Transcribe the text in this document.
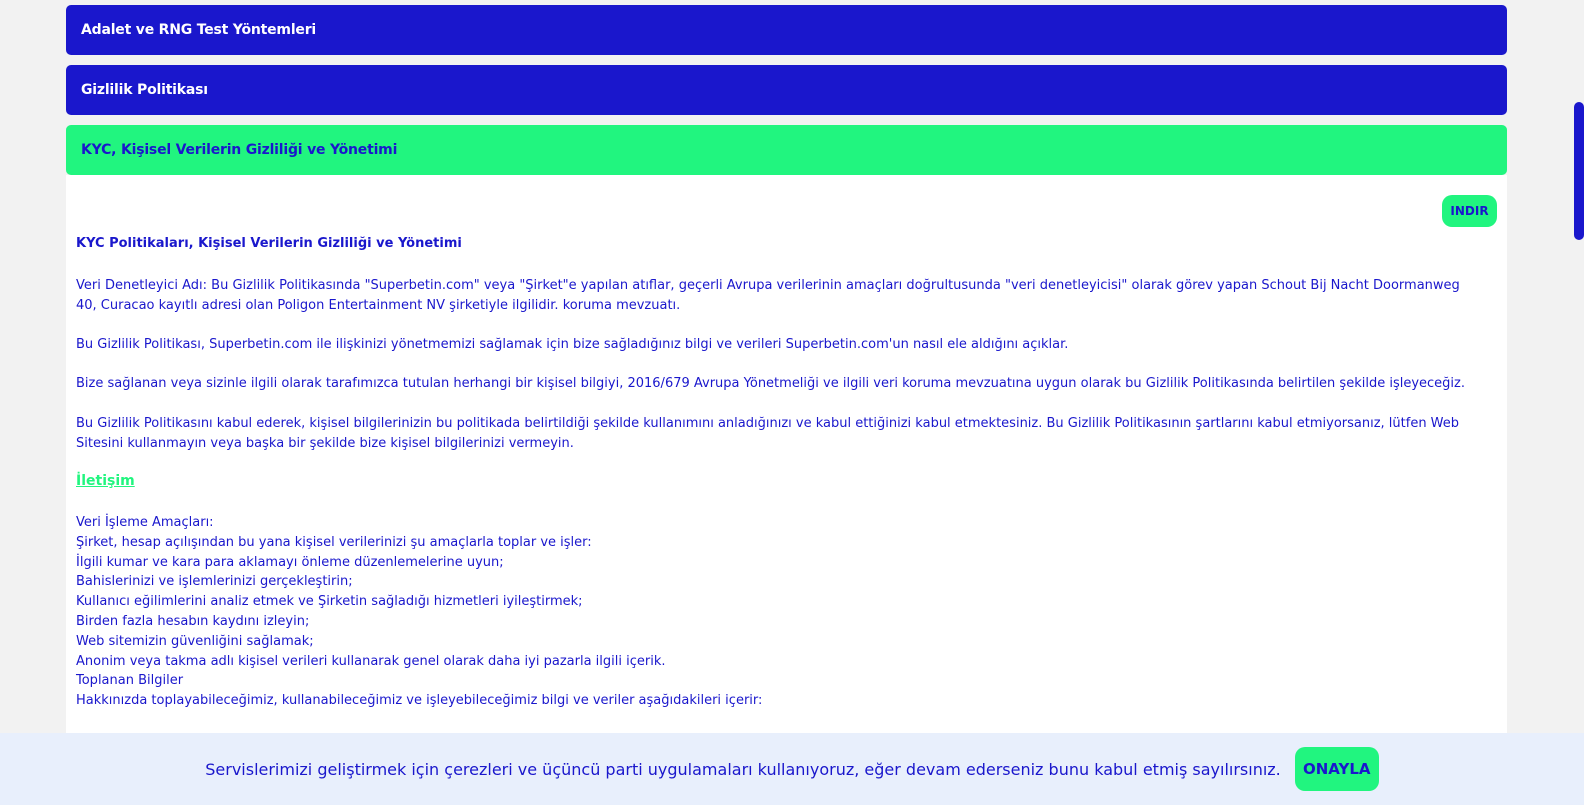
Adalet ve RNG Test Yöntemleri
Gizlilik Politikası
KYC, Kişisel Verilerin Gizliliği ve Yönetimi
INDIR
KYC Politikaları, Kişisel Verilerin Gizliliği ve Yönetimi

Veri Denetleyici Adı: Bu Gizlilik Politikasında "Superbetin.com" veya "Şirket"e yapılan atıflar, geçerli Avrupa verilerinin amaçları doğrultusunda "veri denetleyicisi" olarak görev yapan Schout Bij Nacht Doormanweg 40, Curacao kayıtlı adresi olan Poligon Entertainment NV şirketiyle ilgilidir. koruma mevzuatı.

Bu Gizlilik Politikası, Superbetin.com ile ilişkinizi yönetmemizi sağlamak için bize sağladığınız bilgi ve verileri Superbetin.com'un nasıl ele aldığını açıklar.

Bize sağlanan veya sizinle ilgili olarak tarafımızca tutulan herhangi bir kişisel bilgiyi, 2016/679 Avrupa Yönetmeliği ve ilgili veri koruma mevzuatına uygun olarak bu Gizlilik Politikasında belirtilen şekilde işleyeceğiz.

Bu Gizlilik Politikasını kabul ederek, kişisel bilgilerinizin bu politikada belirtildiği şekilde kullanımını anladığınızı ve kabul ettiğinizi kabul etmektesiniz. Bu Gizlilik Politikasının şartlarını kabul etmiyorsanız, lütfen Web Sitesini kullanmayın veya başka bir şekilde bize kişisel bilgilerinizi vermeyin.

İletişim
Veri İşleme Amaçları:
Şirket, hesap açılışından bu yana kişisel verilerinizi şu amaçlarla toplar ve işler:
İlgili kumar ve kara para aklamayı önleme düzenlemelerine uyun;
Bahislerinizi ve işlemlerinizi gerçekleştirin;
Kullanıcı eğilimlerini analiz etmek ve Şirketin sağladığı hizmetleri iyileştirmek;
Birden fazla hesabın kaydını izleyin;
Web sitemizin güvenliğini sağlamak;
Anonim veya takma adlı kişisel verileri kullanarak genel olarak daha iyi pazarla ilgili içerik.
Toplanan Bilgiler
Hakkınızda toplayabileceğimiz, kullanabileceğimiz ve işleyebileceğimiz bilgi ve veriler aşağıdakileri içerir:
Servislerimizi geliştirmek için çerezleri ve üçüncü parti uygulamaları kullanıyoruz, eğer devam ederseniz bunu kabul etmiş sayılırsınız.	ONAYLA
